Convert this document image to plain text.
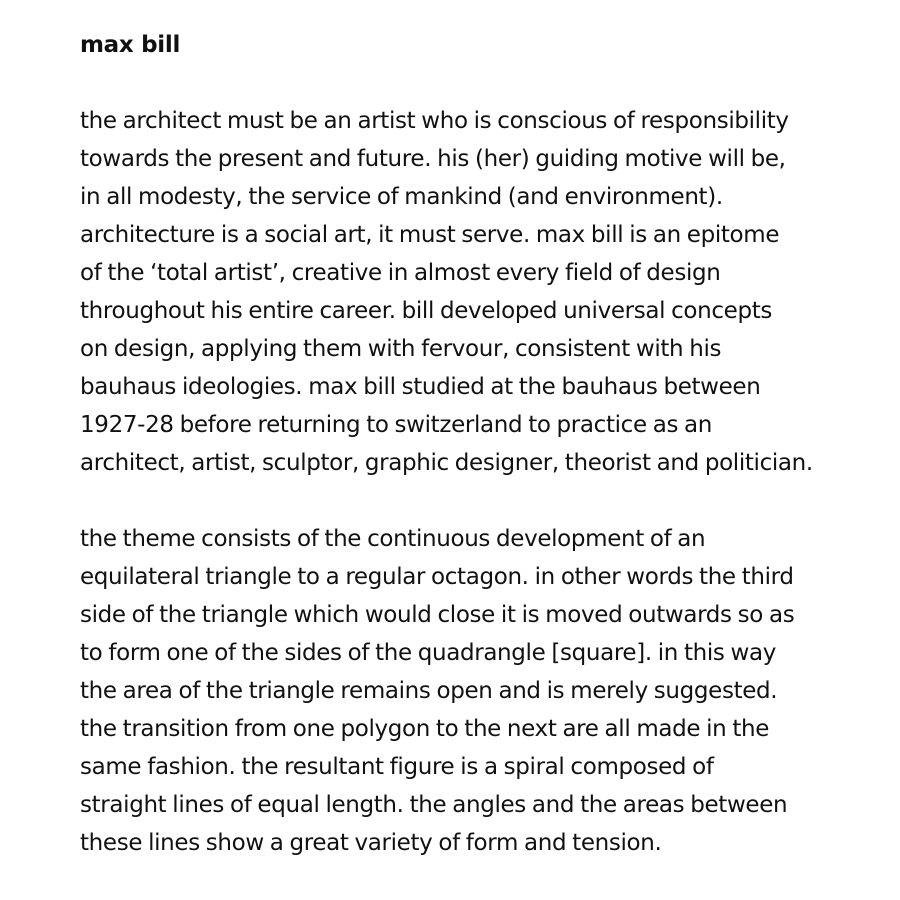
max bill
the architect must be an artist who is conscious of responsibility
towards the present and future. his (her) guiding motive will be,
in all modesty, the service of mankind (and environment).
architecture is a social art, it must serve. max bill is an epitome
of the ‘total artist’, creative in almost every field of design
throughout his entire career. bill developed universal concepts
on design, applying them with fervour, consistent with his
bauhaus ideologies. max bill studied at the bauhaus between
1927-28 before returning to switzerland to practice as an
architect, artist, sculptor, graphic designer, theorist and politician.
the theme consists of the continuous development of an
equilateral triangle to a regular octagon. in other words the third
side of the triangle which would close it is moved outwards so as
to form one of the sides of the quadrangle [square]. in this way
the area of the triangle remains open and is merely suggested.
the transition from one polygon to the next are all made in the
same fashion. the resultant figure is a spiral composed of
straight lines of equal length. the angles and the areas between
these lines show a great variety of form and tension.
